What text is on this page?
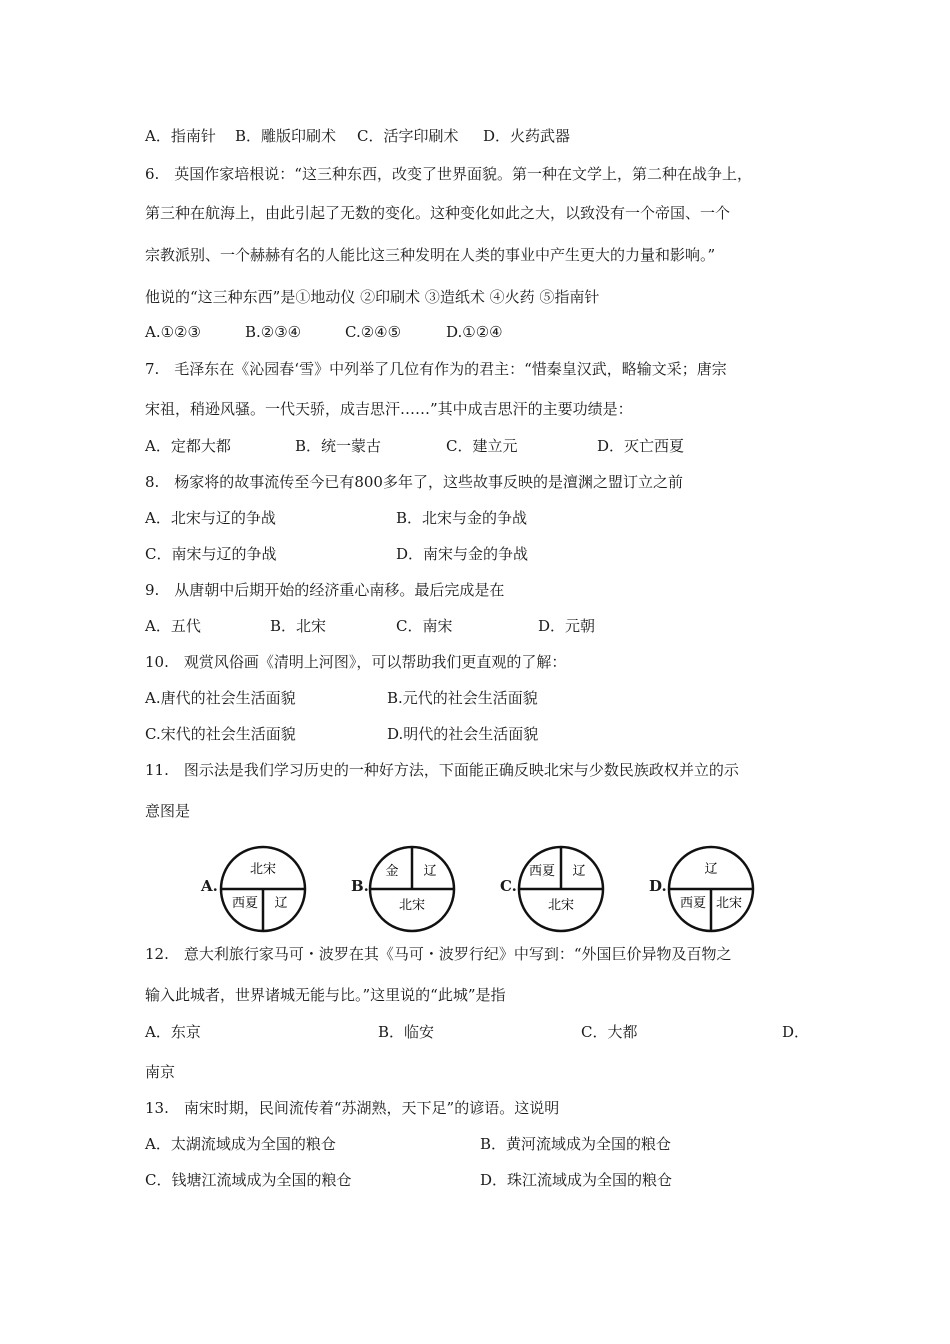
A．指南针 B．雕版印刷术 C．活字印刷术 D．火药武器
6.　英国作家培根说：“这三种东西，改变了世界面貌。第一种在文学上，第二种在战争上，
第三种在航海上，由此引起了无数的变化。这种变化如此之大，以致没有一个帝国、一个
宗教派别、一个赫赫有名的人能比这三种发明在人类的事业中产生更大的力量和影响。”
他说的“这三种东西”是①地动仪 ②印刷术 ③造纸术 ④火药 ⑤指南针
A.①②③	B.②③④	C.②④⑤	D.①②④
7.　毛泽东在《沁园春‘雪》中列举了几位有作为的君主：“惜秦皇汉武，略输文采；唐宗
宋祖，稍逊风骚。一代天骄，成吉思汗……”其中成吉思汗的主要功绩是：
A．定都大都	B．统一蒙古	C．建立元	D．灭亡西夏
8.　杨家将的故事流传至今已有800多年了，这些故事反映的是澶渊之盟订立之前
A．北宋与辽的争战	B．北宋与金的争战
C．南宋与辽的争战	D．南宋与金的争战
9.　从唐朝中后期开始的经济重心南移。最后完成是在
A．五代	B．北宋	C．南宋	D．元朝
10.　观赏风俗画《清明上河图》，可以帮助我们更直观的了解：
A.唐代的社会生活面貌	B.元代的社会生活面貌
C.宋代的社会生活面貌	D.明代的社会生活面貌
11.　图示法是我们学习历史的一种好方法，下面能正确反映北宋与少数民族政权并立的示
意图是
A.
北宋
西夏 辽
B.
金 辽
北宋
C.
西夏 辽
北宋
D.
辽
西夏 北宋
12.　意大利旅行家马可・波罗在其《马可・波罗行纪》中写到：“外国巨价异物及百物之
输入此城者，世界诸城无能与比。”这里说的“此城”是指
A．东京	B．临安	C．大都	D．
南京
13.　南宋时期，民间流传着“苏湖熟，天下足”的谚语。这说明
A．太湖流域成为全国的粮仓	B．黄河流域成为全国的粮仓
C．钱塘江流域成为全国的粮仓	D．珠江流域成为全国的粮仓
